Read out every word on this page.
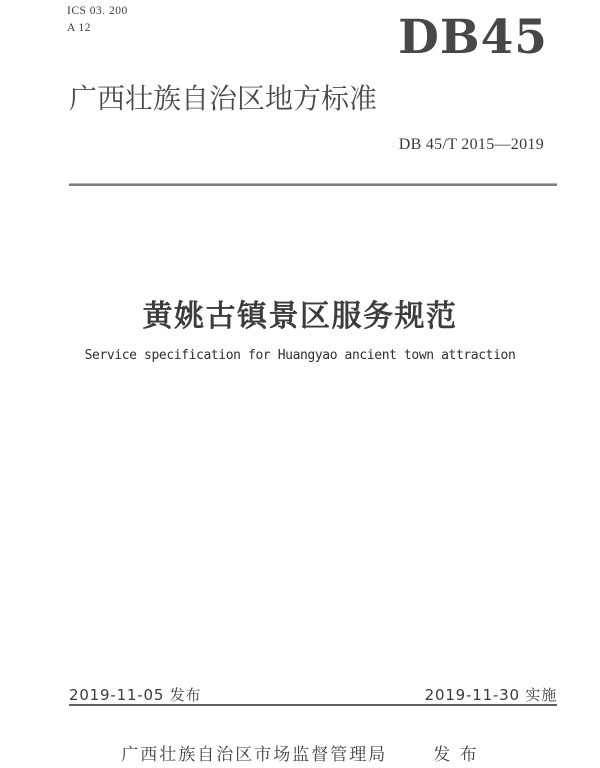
ICS 03. 200
A 12	DB45
广西壮族自治区地方标准
DB 45/T 2015—2019
黄姚古镇景区服务规范
Service specification for Huangyao ancient town attraction
2019-11-05 发布	2019-11-30 实施
广西壮族自治区市场监督管理局	发 布
